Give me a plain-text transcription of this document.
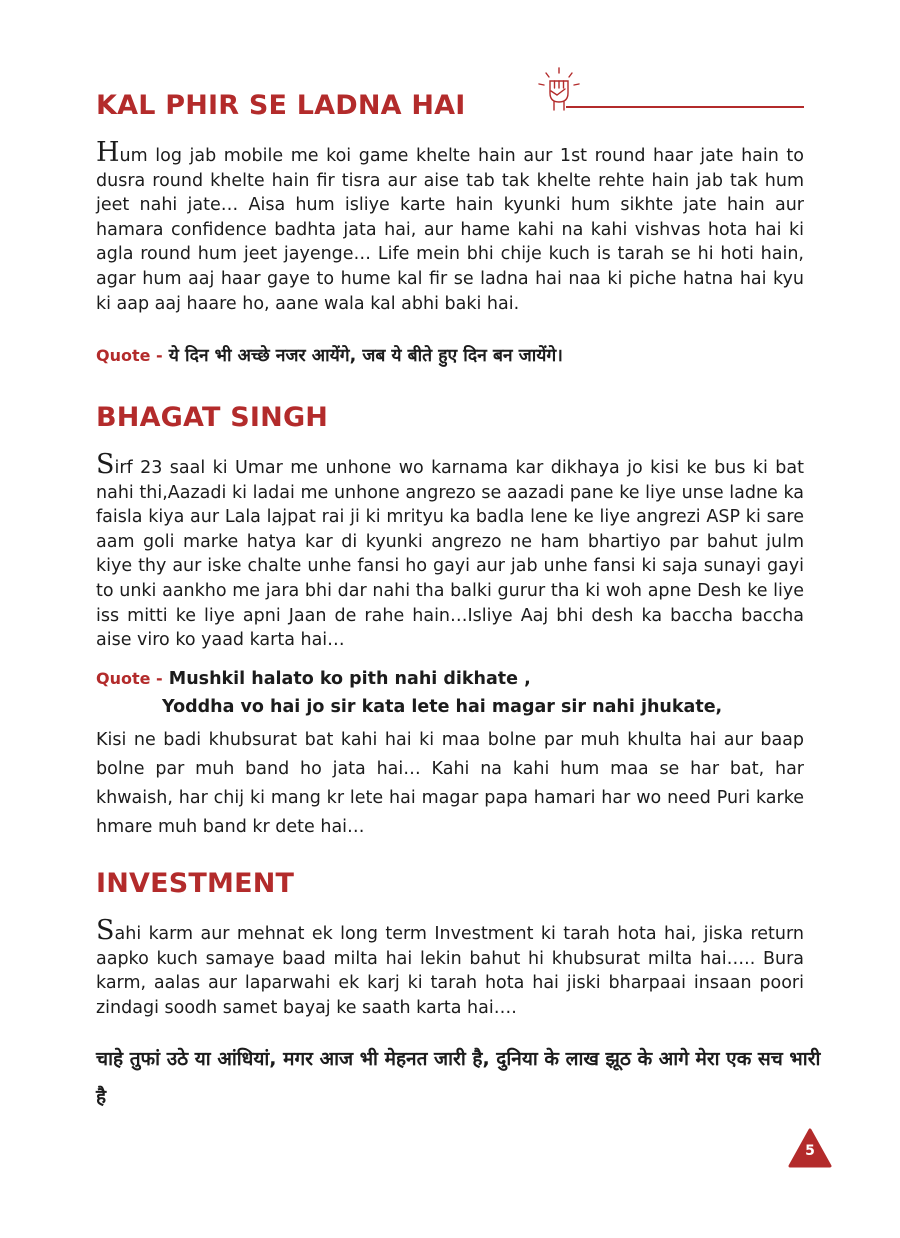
KAL PHIR SE LADNA HAI

Hum log jab mobile me koi game khelte hain aur 1st round haar jate hain to dusra round khelte hain fir tisra aur aise tab tak khelte rehte hain jab tak hum jeet nahi jate… Aisa hum isliye karte hain kyunki hum sikhte jate hain aur hamara confidence badhta jata hai, aur hame kahi na kahi vishvas hota hai ki agla round hum jeet jayenge… Life mein bhi chije kuch is tarah se hi hoti hain, agar hum aaj haar gaye to hume kal fir se ladna hai naa ki piche hatna hai kyu ki aap aaj haare ho, aane wala kal abhi baki hai.

Quote - ये दिन भी अच्छे नजर आयेंगे, जब ये बीते हुए दिन बन जायेंगे।

BHAGAT SINGH

Sirf 23 saal ki Umar me unhone wo karnama kar dikhaya jo kisi ke bus ki bat nahi thi,Aazadi ki ladai me unhone angrezo se aazadi pane ke liye unse ladne ka faisla kiya aur Lala lajpat rai ji ki mrityu ka badla lene ke liye angrezi ASP ki sare aam goli marke hatya kar di kyunki angrezo ne ham bhartiyo par bahut julm kiye thy aur iske chalte unhe fansi ho gayi aur jab unhe fansi ki saja sunayi gayi to unki aankho me jara bhi dar nahi tha balki gurur tha ki woh apne Desh ke liye iss mitti ke liye apni Jaan de rahe hain…Isliye Aaj bhi desh ka baccha baccha aise viro ko yaad karta hai…

Quote - Mushkil halato ko pith nahi dikhate ,

Yoddha vo hai jo sir kata lete hai magar sir nahi jhukate,

Kisi ne badi khubsurat bat kahi hai ki maa bolne par muh khulta hai aur baap bolne par muh band ho jata hai… Kahi na kahi hum maa se har bat, har khwaish, har chij ki mang kr lete hai magar papa hamari har wo need Puri karke hmare muh band kr dete hai…

INVESTMENT

Sahi karm aur mehnat ek long term Investment ki tarah hota hai, jiska return aapko kuch samaye baad milta hai lekin bahut hi khubsurat milta hai….. Bura karm, aalas aur laparwahi ek karj ki tarah hota hai jiski bharpaai insaan poori zindagi soodh samet bayaj ke saath karta hai….

चाहे तुफां उठे या आंधियां, मगर आज भी मेहनत जारी है, दुनिया के लाख झूठ के आगे मेरा एक सच भारी है

5
